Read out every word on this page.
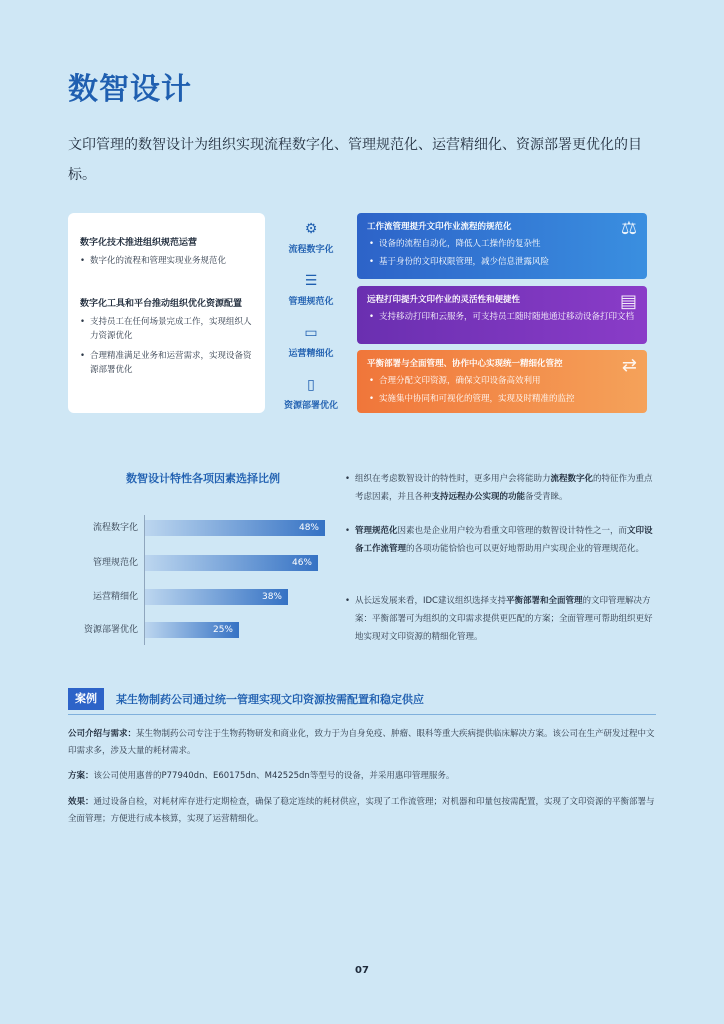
数智设计
文印管理的数智设计为组织实现流程数字化、管理规范化、运营精细化、资源部署更优化的目标。
数字化技术推进组织规范运营
• 数字化的流程和管理实现业务规范化
数字化工具和平台推动组织优化资源配置
• 支持员工在任何场景完成工作，实现组织人力资源优化
• 合理精准满足业务和运营需求，实现设备资源部署优化
⚙
流程数字化
☰
管理规范化
▭
运营精细化
▯
资源部署优化
⚖
工作流管理提升文印作业流程的规范化
• 设备的流程自动化，降低人工操作的复杂性
• 基于身份的文印权限管理，减少信息泄露风险
▤
远程打印提升文印作业的灵活性和便捷性
• 支持移动打印和云服务，可支持员工随时随地通过移动设备打印文档
⇄
平衡部署与全面管理、协作中心实现统一精细化管控
• 合理分配文印资源，确保文印设备高效利用
• 实施集中协同和可视化的管理，实现及时精准的监控
数智设计特性各项因素选择比例
流程数字化	48%
管理规范化	46%
运营精细化	38%
资源部署优化	25%
• 组织在考虑数智设计的特性时，更多用户会将能助力流程数字化的特征作为重点考虑因素，并且各种支持远程办公实现的功能备受青睐。
• 管理规范化因素也是企业用户较为看重文印管理的数智设计特性之一，而文印设备工作流管理的各项功能恰恰也可以更好地帮助用户实现企业的管理规范化。
• 从长远发展来看，IDC建议组织选择支持平衡部署和全面管理的文印管理解决方案：平衡部署可为组织的文印需求提供更匹配的方案；全面管理可帮助组织更好地实现对文印资源的精细化管理。
案例	某生物制药公司通过统一管理实现文印资源按需配置和稳定供应
公司介绍与需求：某生物制药公司专注于生物药物研发和商业化，致力于为自身免疫、肿瘤、眼科等重大疾病提供临床解决方案。该公司在生产研发过程中文印需求多，涉及大量的耗材需求。
方案：该公司使用惠普的P77940dn、E60175dn、M42525dn等型号的设备，并采用惠印管理服务。
效果：通过设备自检，对耗材库存进行定期检查，确保了稳定连续的耗材供应，实现了工作流管理；对机器和印量包按需配置，实现了文印资源的平衡部署与全面管理；方便进行成本核算，实现了运营精细化。
07
